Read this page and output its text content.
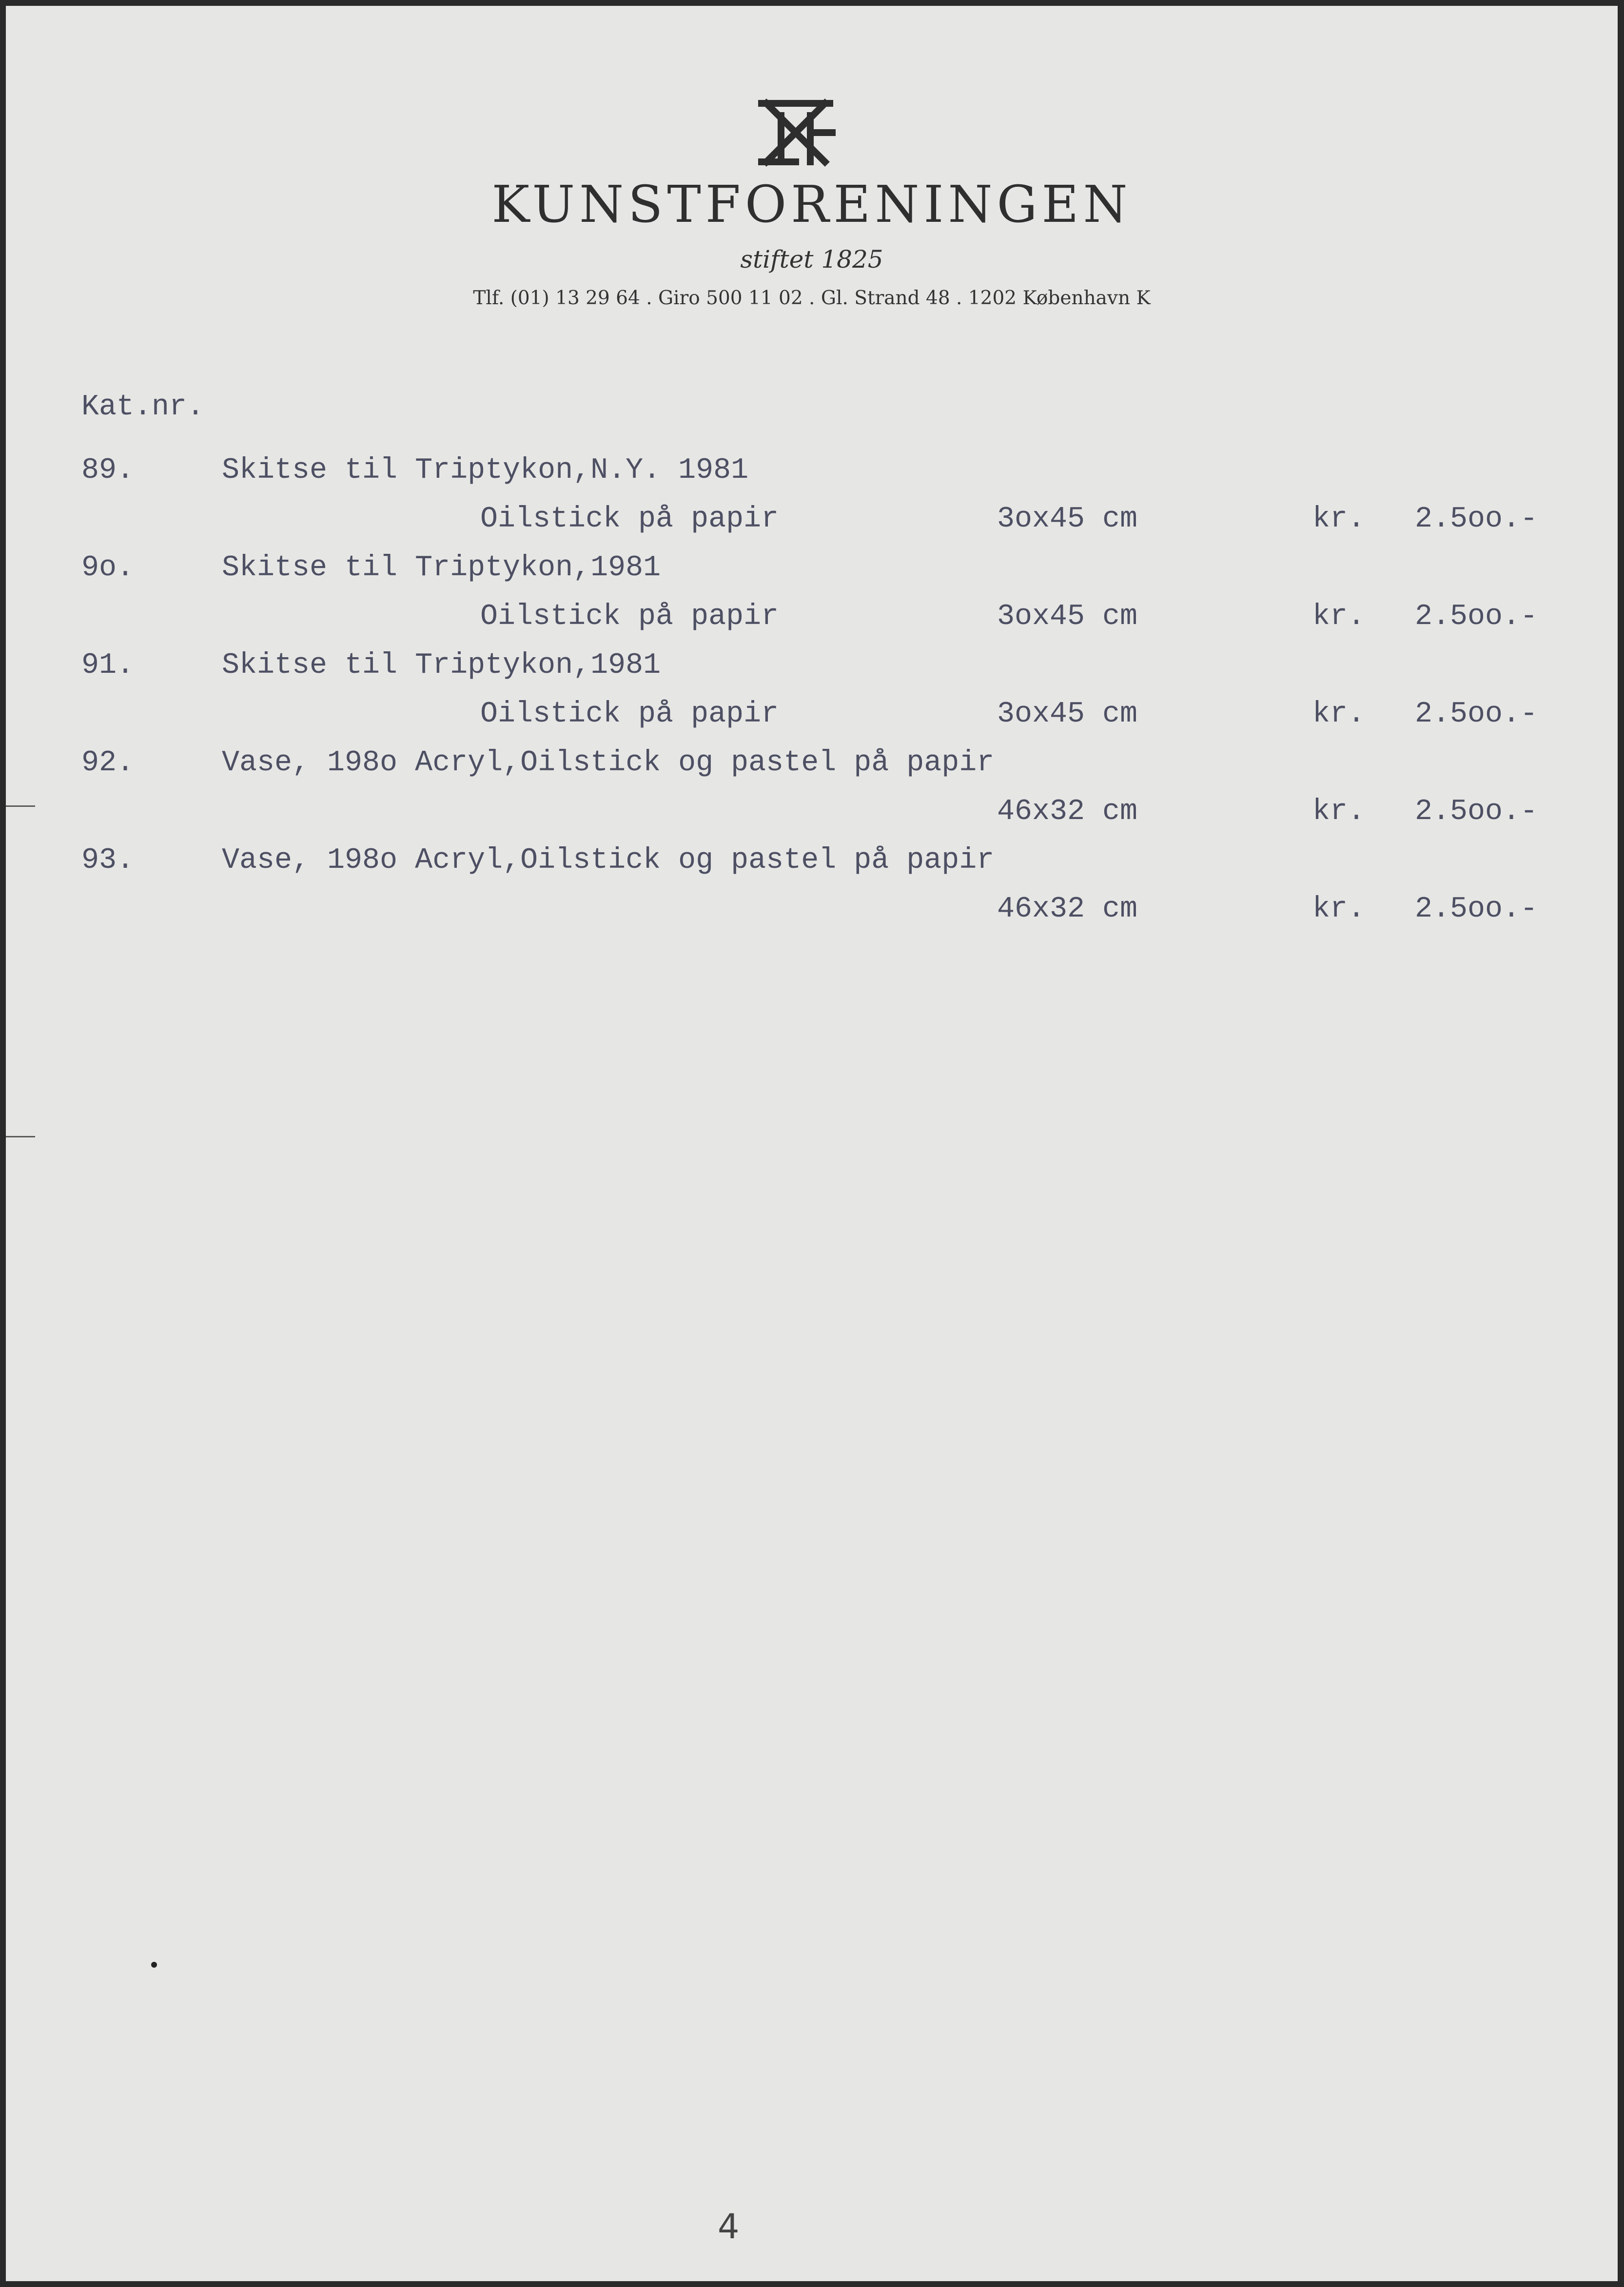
KUNSTFORENINGEN
stiftet 1825
Tlf. (01) 13 29 64 . Giro 500 11 02 . Gl. Strand 48 . 1202 København K
Kat.nr.
89.	Skitse til Triptykon,N.Y. 1981
Oilstick på papir	3ox45 cm	kr. 2.5oo.-
9o.	Skitse til Triptykon,1981
Oilstick på papir	3ox45 cm	kr. 2.5oo.-
91.	Skitse til Triptykon,1981
Oilstick på papir	3ox45 cm	kr. 2.5oo.-
92.	Vase, 198o Acryl,Oilstick og pastel på papir
46x32 cm	kr. 2.5oo.-
93.	Vase, 198o Acryl,Oilstick og pastel på papir
46x32 cm	kr. 2.5oo.-
4
